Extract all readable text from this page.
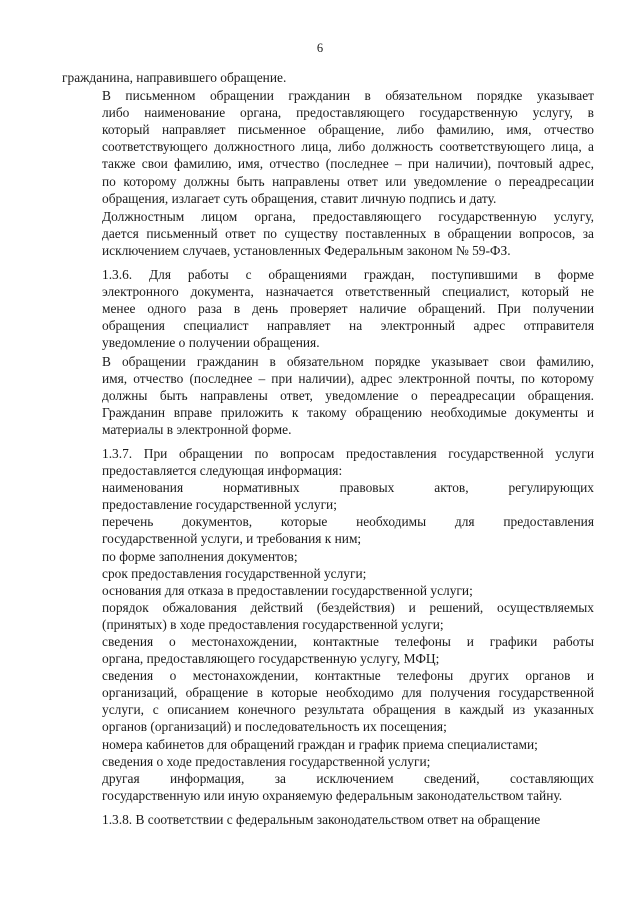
6

гражданина, направившего обращение.

В письменном обращении гражданин в обязательном порядке указывает
либо наименование органа, предоставляющего государственную услугу, в
который направляет письменное обращение, либо фамилию, имя, отчество
соответствующего должностного лица, либо должность соответствующего лица, а
также свои фамилию, имя, отчество (последнее – при наличии), почтовый адрес,
по которому должны быть направлены ответ или уведомление о переадресации
обращения, излагает суть обращения, ставит личную подпись и дату.

Должностным лицом органа, предоставляющего государственную услугу,
дается письменный ответ по существу поставленных в обращении вопросов, за
исключением случаев, установленных Федеральным законом № 59-ФЗ.

1.3.6. Для работы с обращениями граждан, поступившими в форме
электронного документа, назначается ответственный специалист, который не
менее одного раза в день проверяет наличие обращений. При получении
обращения специалист направляет на электронный адрес отправителя
уведомление о получении обращения.

В обращении гражданин в обязательном порядке указывает свои фамилию,
имя, отчество (последнее – при наличии), адрес электронной почты, по которому
должны быть направлены ответ, уведомление о переадресации обращения.
Гражданин вправе приложить к такому обращению необходимые документы и
материалы в электронной форме.

1.3.7. При обращении по вопросам предоставления государственной услуги
предоставляется следующая информация:

наименования нормативных правовых актов, регулирующих
предоставление государственной услуги;

перечень документов, которые необходимы для предоставления
государственной услуги, и требования к ним;

по форме заполнения документов;

срок предоставления государственной услуги;

основания для отказа в предоставлении государственной услуги;

порядок обжалования действий (бездействия) и решений, осуществляемых
(принятых) в ходе предоставления государственной услуги;

сведения о местонахождении, контактные телефоны и графики работы
органа, предоставляющего государственную услугу, МФЦ;

сведения о местонахождении, контактные телефоны других органов и
организаций, обращение в которые необходимо для получения государственной
услуги, с описанием конечного результата обращения в каждый из указанных
органов (организаций) и последовательность их посещения;

номера кабинетов для обращений граждан и график приема специалистами;

сведения о ходе предоставления государственной услуги;

другая информация, за исключением сведений, составляющих
государственную или иную охраняемую федеральным законодательством тайну.

1.3.8. В соответствии с федеральным законодательством ответ на обращение
